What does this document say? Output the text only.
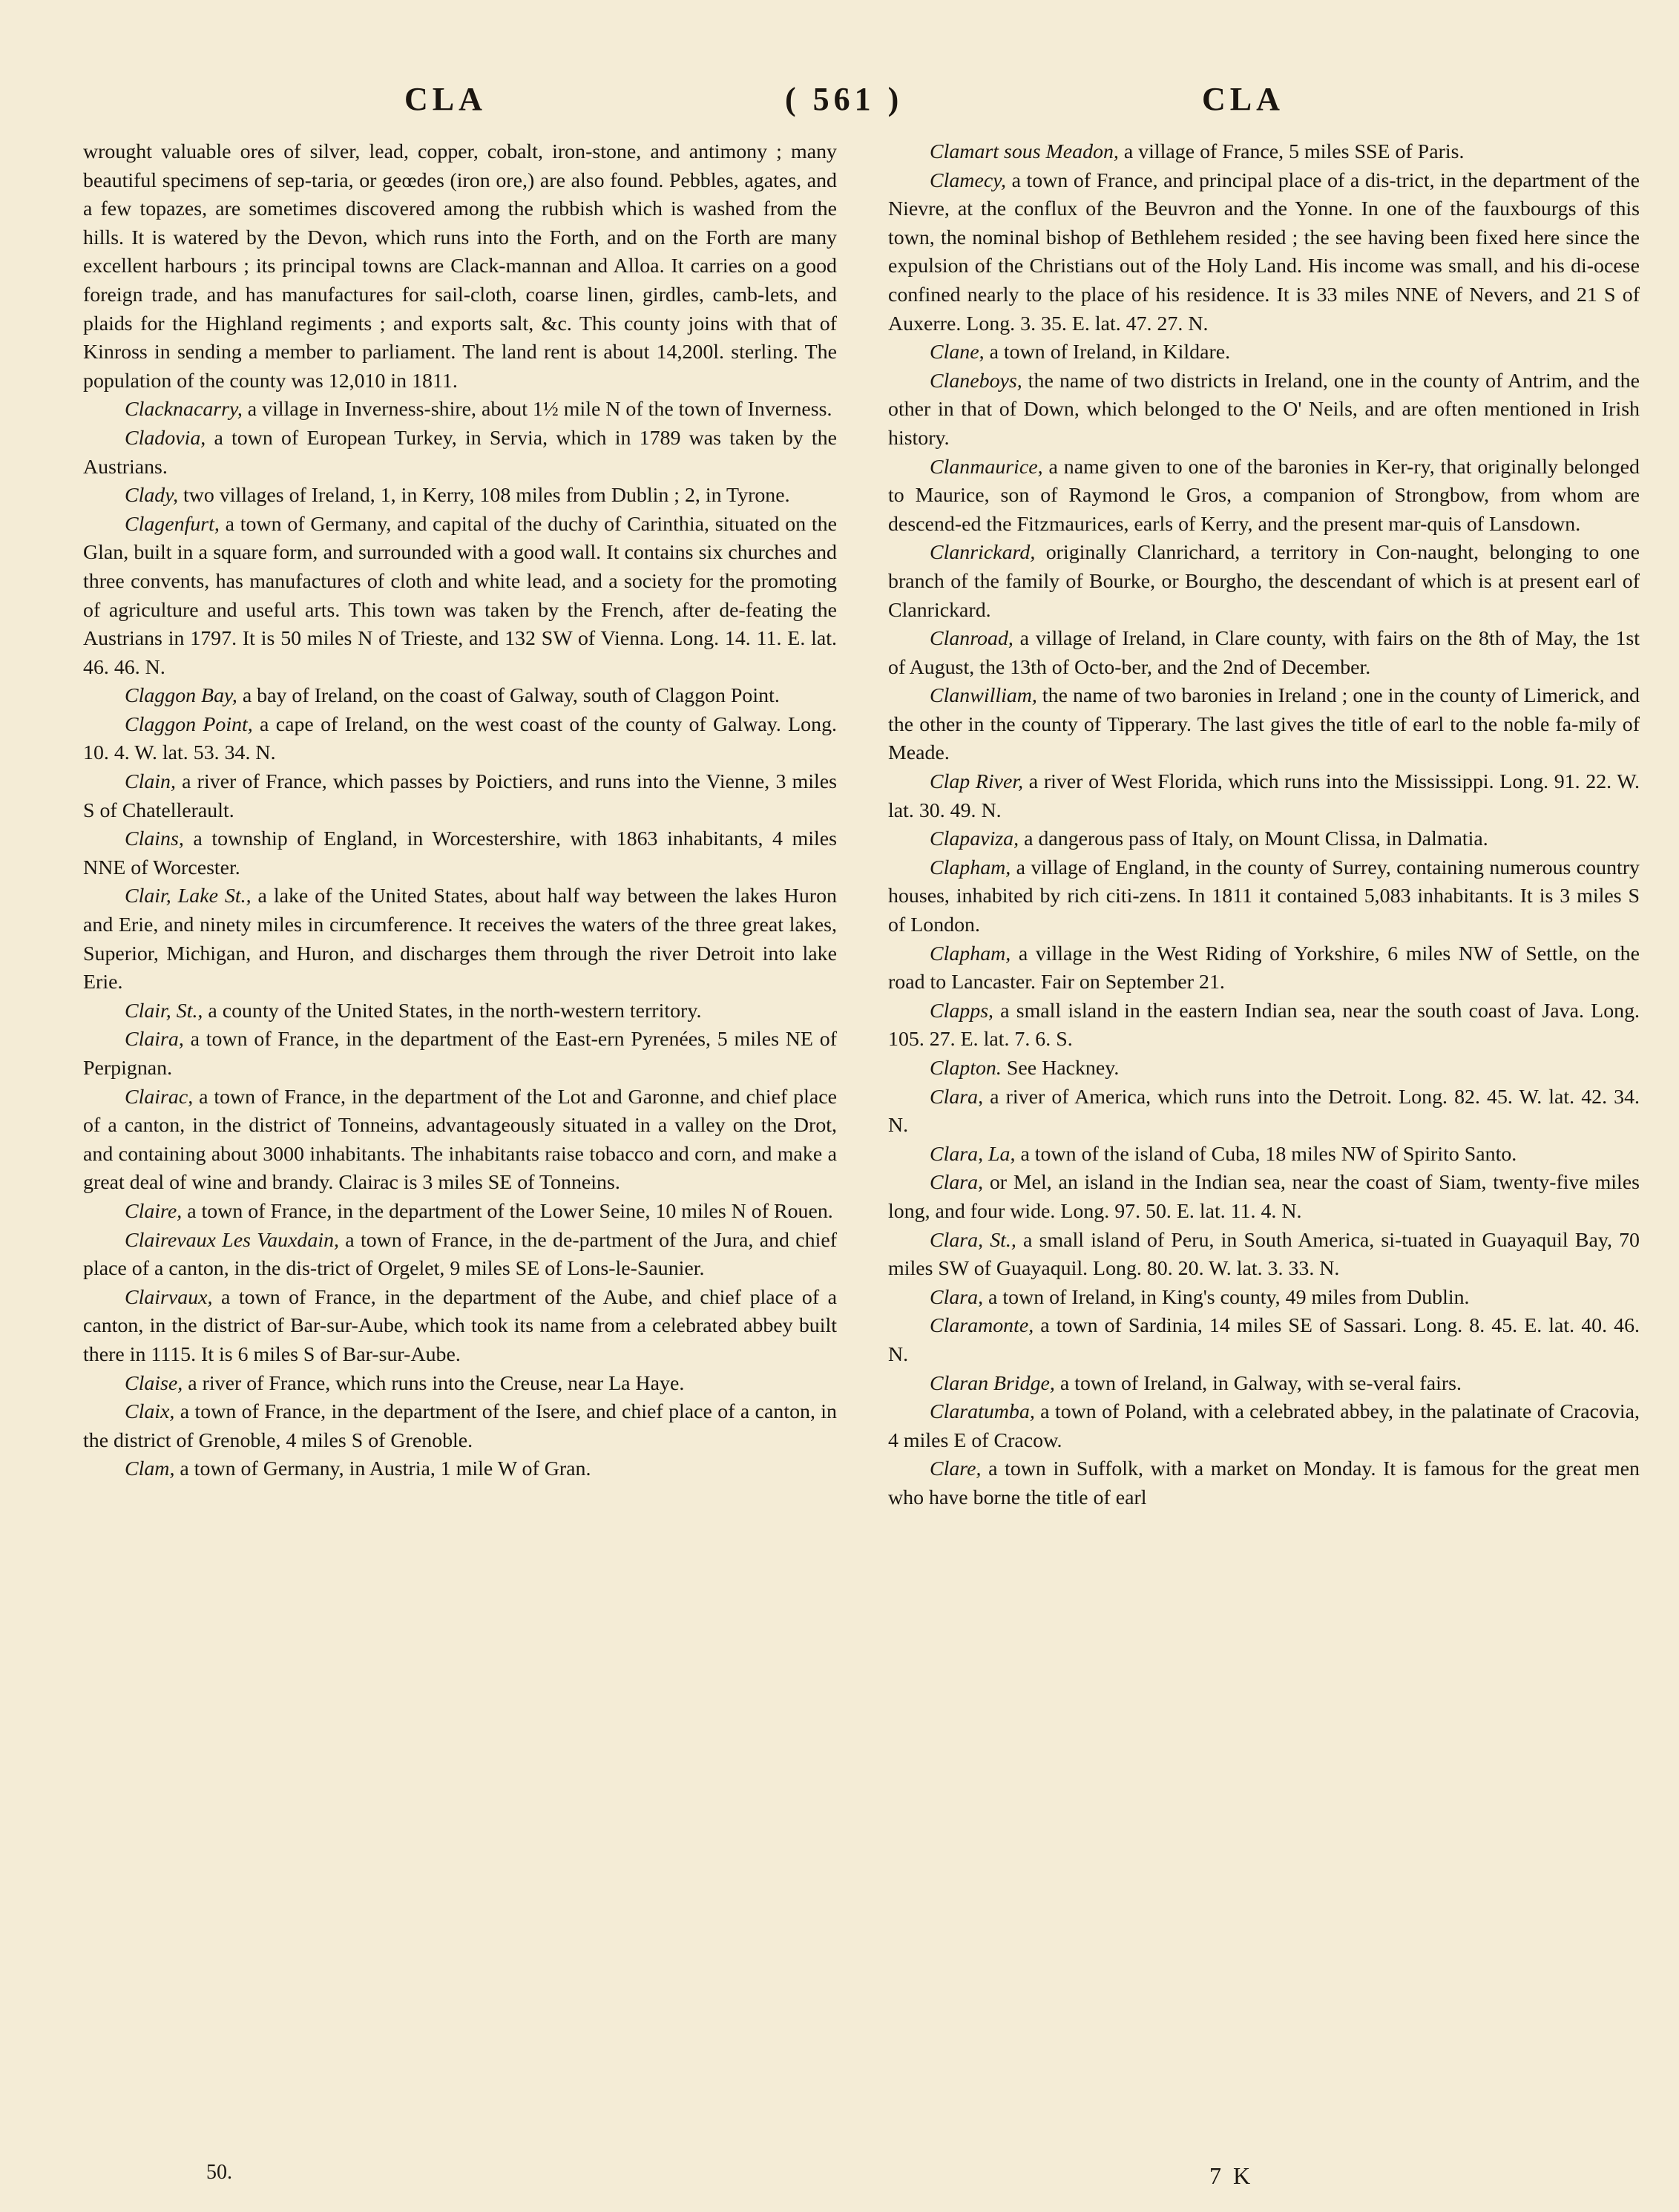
CLA	( 561 )	CLA

wrought valuable ores of silver, lead, copper, cobalt, iron-stone, and antimony ; many beautiful specimens of sep-taria, or geœdes (iron ore,) are also found. Pebbles, agates, and a few topazes, are sometimes discovered among the rubbish which is washed from the hills. It is watered by the Devon, which runs into the Forth, and on the Forth are many excellent harbours ; its principal towns are Clack-mannan and Alloa. It carries on a good foreign trade, and has manufactures for sail-cloth, coarse linen, girdles, camb-lets, and plaids for the Highland regiments ; and exports salt, &c. This county joins with that of Kinross in sending a member to parliament. The land rent is about 14,200l. sterling. The population of the county was 12,010 in 1811.

Clacknacarry, a village in Inverness-shire, about 1½ mile N of the town of Inverness.

Cladovia, a town of European Turkey, in Servia, which in 1789 was taken by the Austrians.

Clady, two villages of Ireland, 1, in Kerry, 108 miles from Dublin ; 2, in Tyrone.

Clagenfurt, a town of Germany, and capital of the duchy of Carinthia, situated on the Glan, built in a square form, and surrounded with a good wall. It contains six churches and three convents, has manufactures of cloth and white lead, and a society for the promoting of agriculture and useful arts. This town was taken by the French, after de-feating the Austrians in 1797. It is 50 miles N of Trieste, and 132 SW of Vienna. Long. 14. 11. E. lat. 46. 46. N.

Claggon Bay, a bay of Ireland, on the coast of Galway, south of Claggon Point.

Claggon Point, a cape of Ireland, on the west coast of the county of Galway. Long. 10. 4. W. lat. 53. 34. N.

Clain, a river of France, which passes by Poictiers, and runs into the Vienne, 3 miles S of Chatellerault.

Clains, a township of England, in Worcestershire, with 1863 inhabitants, 4 miles NNE of Worcester.

Clair, Lake St., a lake of the United States, about half way between the lakes Huron and Erie, and ninety miles in circumference. It receives the waters of the three great lakes, Superior, Michigan, and Huron, and discharges them through the river Detroit into lake Erie.

Clair, St., a county of the United States, in the north-western territory.

Claira, a town of France, in the department of the East-ern Pyrenées, 5 miles NE of Perpignan.

Clairac, a town of France, in the department of the Lot and Garonne, and chief place of a canton, in the district of Tonneins, advantageously situated in a valley on the Drot, and containing about 3000 inhabitants. The inhabitants raise tobacco and corn, and make a great deal of wine and brandy. Clairac is 3 miles SE of Tonneins.

Claire, a town of France, in the department of the Lower Seine, 10 miles N of Rouen.

Clairevaux Les Vauxdain, a town of France, in the de-partment of the Jura, and chief place of a canton, in the dis-trict of Orgelet, 9 miles SE of Lons-le-Saunier.

Clairvaux, a town of France, in the department of the Aube, and chief place of a canton, in the district of Bar-sur-Aube, which took its name from a celebrated abbey built there in 1115. It is 6 miles S of Bar-sur-Aube.

Claise, a river of France, which runs into the Creuse, near La Haye.

Claix, a town of France, in the department of the Isere, and chief place of a canton, in the district of Grenoble, 4 miles S of Grenoble.

Clam, a town of Germany, in Austria, 1 mile W of Gran.

Clamart sous Meadon, a village of France, 5 miles SSE of Paris.

Clamecy, a town of France, and principal place of a dis-trict, in the department of the Nievre, at the conflux of the Beuvron and the Yonne. In one of the fauxbourgs of this town, the nominal bishop of Bethlehem resided ; the see having been fixed here since the expulsion of the Christians out of the Holy Land. His income was small, and his di-ocese confined nearly to the place of his residence. It is 33 miles NNE of Nevers, and 21 S of Auxerre. Long. 3. 35. E. lat. 47. 27. N.

Clane, a town of Ireland, in Kildare.

Claneboys, the name of two districts in Ireland, one in the county of Antrim, and the other in that of Down, which belonged to the O' Neils, and are often mentioned in Irish history.

Clanmaurice, a name given to one of the baronies in Ker-ry, that originally belonged to Maurice, son of Raymond le Gros, a companion of Strongbow, from whom are descend-ed the Fitzmaurices, earls of Kerry, and the present mar-quis of Lansdown.

Clanrickard, originally Clanrichard, a territory in Con-naught, belonging to one branch of the family of Bourke, or Bourgho, the descendant of which is at present earl of Clanrickard.

Clanroad, a village of Ireland, in Clare county, with fairs on the 8th of May, the 1st of August, the 13th of Octo-ber, and the 2nd of December.

Clanwilliam, the name of two baronies in Ireland ; one in the county of Limerick, and the other in the county of Tipperary. The last gives the title of earl to the noble fa-mily of Meade.

Clap River, a river of West Florida, which runs into the Mississippi. Long. 91. 22. W. lat. 30. 49. N.

Clapaviza, a dangerous pass of Italy, on Mount Clissa, in Dalmatia.

Clapham, a village of England, in the county of Surrey, containing numerous country houses, inhabited by rich citi-zens. In 1811 it contained 5,083 inhabitants. It is 3 miles S of London.

Clapham, a village in the West Riding of Yorkshire, 6 miles NW of Settle, on the road to Lancaster. Fair on September 21.

Clapps, a small island in the eastern Indian sea, near the south coast of Java. Long. 105. 27. E. lat. 7. 6. S.

Clapton. See Hackney.

Clara, a river of America, which runs into the Detroit. Long. 82. 45. W. lat. 42. 34. N.

Clara, La, a town of the island of Cuba, 18 miles NW of Spirito Santo.

Clara, or Mel, an island in the Indian sea, near the coast of Siam, twenty-five miles long, and four wide. Long. 97. 50. E. lat. 11. 4. N.

Clara, St., a small island of Peru, in South America, si-tuated in Guayaquil Bay, 70 miles SW of Guayaquil. Long. 80. 20. W. lat. 3. 33. N.

Clara, a town of Ireland, in King's county, 49 miles from Dublin.

Claramonte, a town of Sardinia, 14 miles SE of Sassari. Long. 8. 45. E. lat. 40. 46. N.

Claran Bridge, a town of Ireland, in Galway, with se-veral fairs.

Claratumba, a town of Poland, with a celebrated abbey, in the palatinate of Cracovia, 4 miles E of Cracow.

Clare, a town in Suffolk, with a market on Monday. It is famous for the great men who have borne the title of earl

50.	7 K
